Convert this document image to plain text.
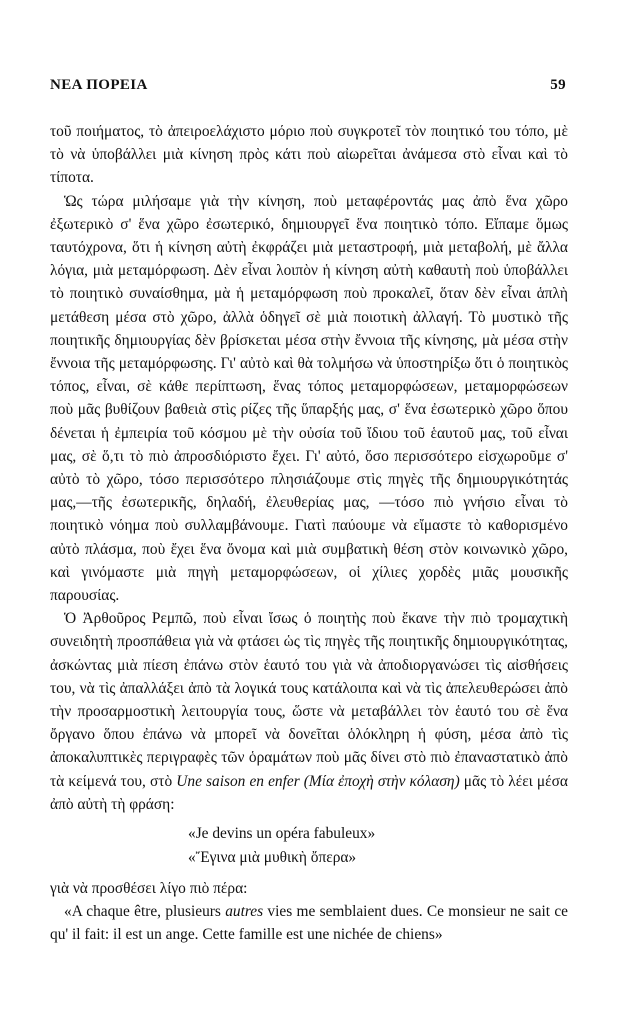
ΝΕΑ ΠΟΡΕΙΑ	59

τοῦ ποιήματος, τὸ ἀπειροελάχιστο μόριο ποὺ συγκροτεῖ τὸν ποιητικό του τόπο, μὲ τὸ νὰ ὑποβάλλει μιὰ κίνηση πρὸς κάτι ποὺ αἰωρεῖται ἀνάμεσα στὸ εἶναι καὶ τὸ τίποτα.

Ὡς τώρα μιλήσαμε γιὰ τὴν κίνηση, ποὺ μεταφέροντάς μας ἀπὸ ἕνα χῶρο ἐξωτερικὸ σ' ἕνα χῶρο ἐσωτερικό, δημιουργεῖ ἕνα ποιητικὸ τόπο. Εἴπαμε ὅμως ταυτόχρονα, ὅτι ἡ κίνηση αὐτὴ ἐκφράζει μιὰ μεταστροφή, μιὰ μεταβολή, μὲ ἄλλα λόγια, μιὰ μεταμόρφωση. Δὲν εἶναι λοιπὸν ἡ κίνηση αὐτὴ καθαυτὴ ποὺ ὑποβάλλει τὸ ποιητικὸ συναίσθημα, μὰ ἡ μεταμόρφωση ποὺ προκαλεῖ, ὅταν δὲν εἶναι ἁπλὴ μετάθεση μέσα στὸ χῶρο, ἀλλὰ ὁδηγεῖ σὲ μιὰ ποιοτικὴ ἀλλαγή. Τὸ μυστικὸ τῆς ποιητικῆς δημιουργίας δὲν βρίσκεται μέσα στὴν ἔννοια τῆς κίνησης, μὰ μέσα στὴν ἔννοια τῆς μεταμόρφωσης. Γι' αὐτὸ καὶ θὰ τολμήσω νὰ ὑποστηρίξω ὅτι ὁ ποιητικὸς τόπος, εἶναι, σὲ κάθε περίπτωση, ἕνας τόπος μεταμορφώσεων, μεταμορφώσεων ποὺ μᾶς βυθίζουν βαθειὰ στὶς ρίζες τῆς ὕπαρξής μας, σ' ἕνα ἐσωτερικὸ χῶρο ὅπου δένεται ἡ ἐμπειρία τοῦ κόσμου μὲ τὴν οὐσία τοῦ ἴδιου τοῦ ἑαυτοῦ μας, τοῦ εἶναι μας, σὲ ὅ,τι τὸ πιὸ ἀπροσδιόριστο ἔχει. Γι' αὐτό, ὅσο περισσότερο εἰσχωροῦμε σ' αὐτὸ τὸ χῶρο, τόσο περισσότερο πλησιάζουμε στὶς πηγὲς τῆς δημιουργικότητάς μας,—τῆς ἐσωτερικῆς, δηλαδή, ἐλευθερίας μας, —τόσο πιὸ γνήσιο εἶναι τὸ ποιητικὸ νόημα ποὺ συλλαμβάνουμε. Γιατὶ παύουμε νὰ εἴμαστε τὸ καθορισμένο αὐτὸ πλάσμα, ποὺ ἔχει ἕνα ὄνομα καὶ μιὰ συμβατικὴ θέση στὸν κοινωνικὸ χῶρο, καὶ γινόμαστε μιὰ πηγὴ μεταμορφώσεων, οἱ χίλιες χορδὲς μιᾶς μουσικῆς παρουσίας.

Ὁ Ἀρθοῦρος Ρεμπῶ, ποὺ εἶναι ἴσως ὁ ποιητὴς ποὺ ἔκανε τὴν πιὸ τρομαχτικὴ συνειδητὴ προσπάθεια γιὰ νὰ φτάσει ὡς τὶς πηγὲς τῆς ποιητικῆς δημιουργικότητας, ἀσκώντας μιὰ πίεση ἐπάνω στὸν ἑαυτό του γιὰ νὰ ἀποδιοργανώσει τὶς αἰσθήσεις του, νὰ τὶς ἀπαλλάξει ἀπὸ τὰ λογικά τους κατάλοιπα καὶ νὰ τὶς ἀπελευθερώσει ἀπὸ τὴν προσαρμοστικὴ λειτουργία τους, ὥστε νὰ μεταβάλλει τὸν ἑαυτό του σὲ ἕνα ὄργανο ὅπου ἐπάνω νὰ μπορεῖ νὰ δονεῖται ὁλόκληρη ἡ φύση, μέσα ἀπὸ τὶς ἀποκαλυπτικὲς περιγραφὲς τῶν ὁραμάτων ποὺ μᾶς δίνει στὸ πιὸ ἐπαναστατικὸ ἀπὸ τὰ κείμενά του, στὸ Une saison en enfer (Μία ἐποχὴ στὴν κόλαση) μᾶς τὸ λέει μέσα ἀπὸ αὐτὴ τὴ φράση:

«Je devins un opéra fabuleux»

«Ἔγινα μιὰ μυθικὴ ὄπερα»

γιὰ νὰ προσθέσει λίγο πιὸ πέρα:

«A chaque être, plusieurs autres vies me semblaient dues. Ce monsieur ne sait ce qu' il fait: il est un ange. Cette famille est une nichée de chiens»
